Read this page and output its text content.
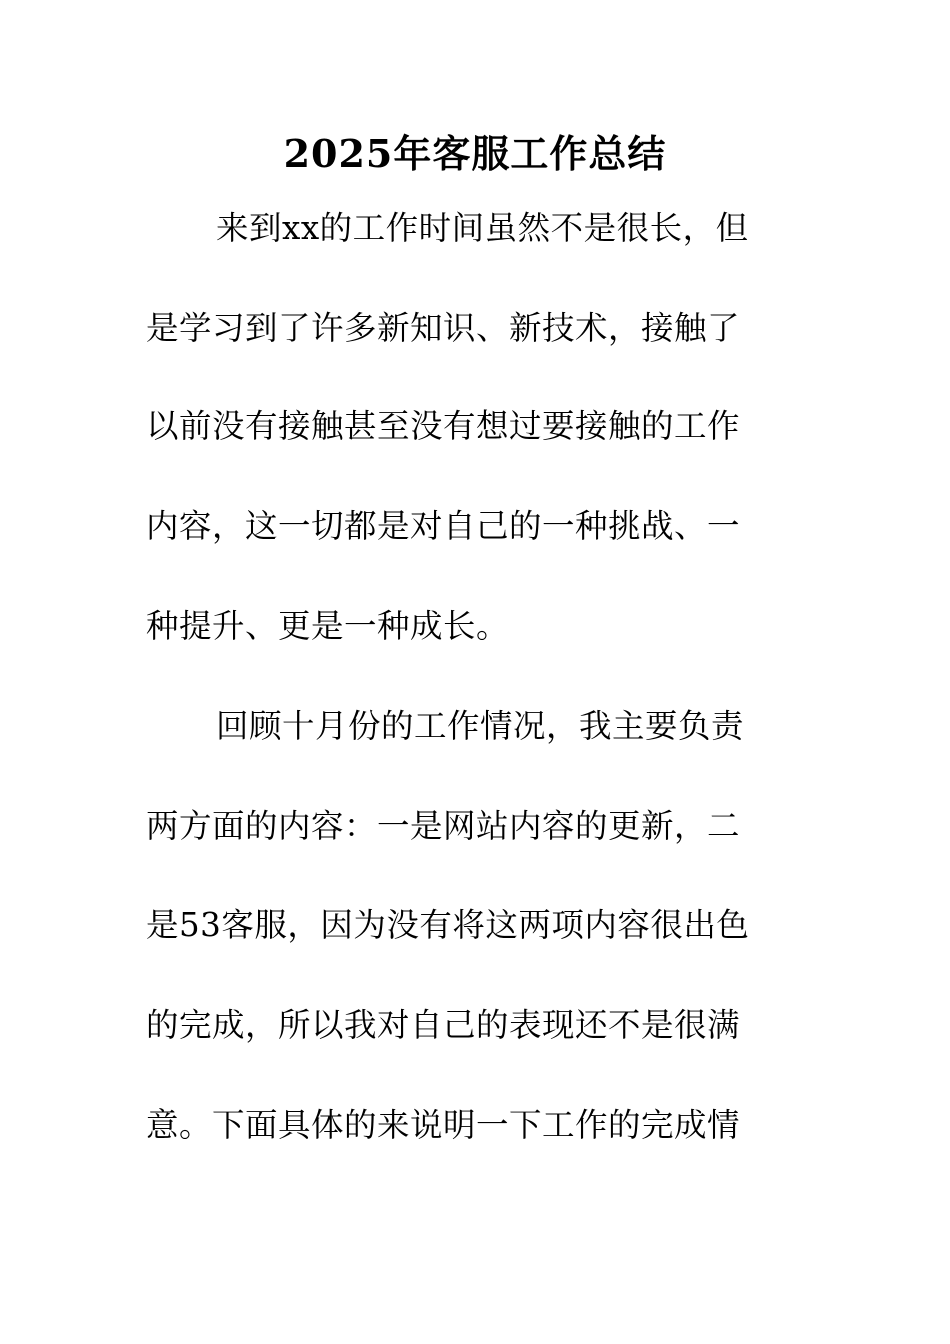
2025年客服工作总结
来到xx的工作时间虽然不是很长，但
是学习到了许多新知识、新技术，接触了
以前没有接触甚至没有想过要接触的工作
内容，这一切都是对自己的一种挑战、一
种提升、更是一种成长。
回顾十月份的工作情况，我主要负责
两方面的内容：一是网站内容的更新，二
是53客服，因为没有将这两项内容很出色
的完成，所以我对自己的表现还不是很满
意。下面具体的来说明一下工作的完成情
